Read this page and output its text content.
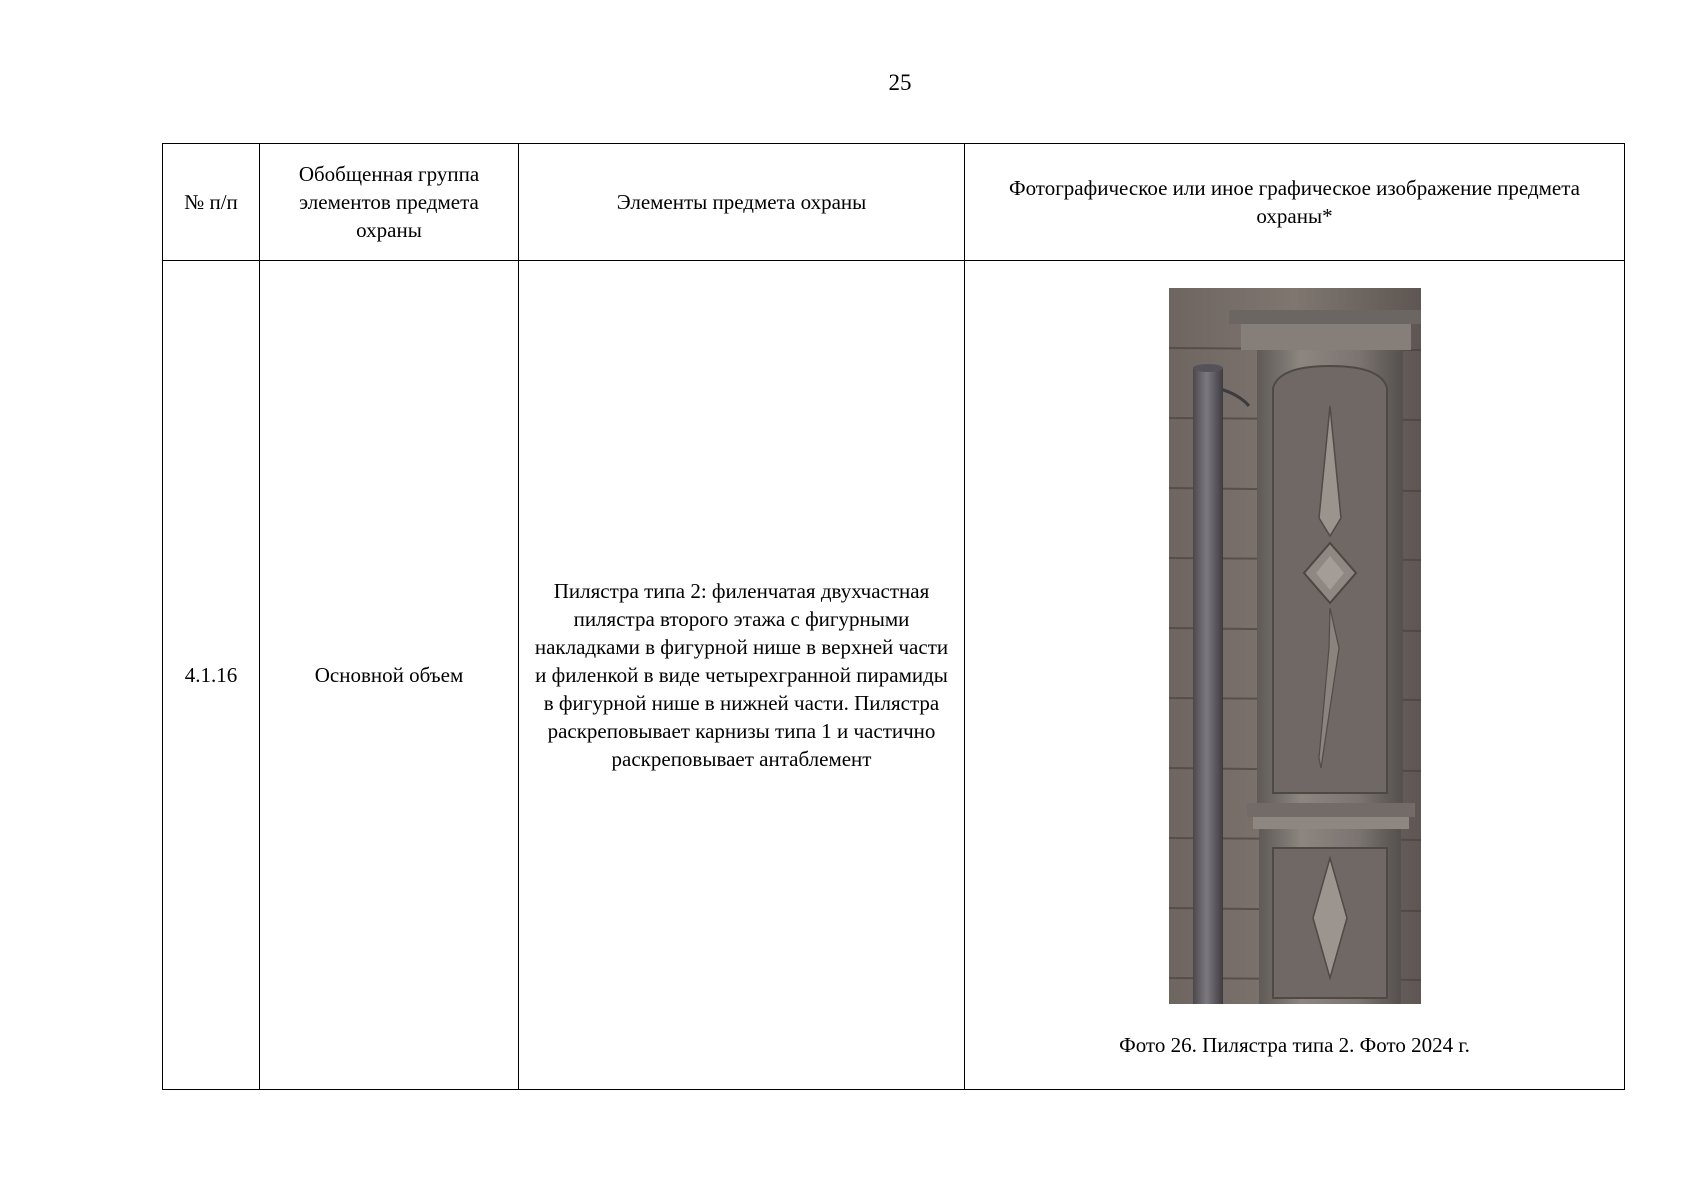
25
№ п/п	Обобщенная группа элементов предмета охраны	Элементы предмета охраны	Фотографическое или иное графическое изображение предмета охраны*
4.1.16	Основной объем	Пилястра типа 2: филенчатая двухчастная пилястра второго этажа с фигурными накладками в фигурной нише в верхней части и филенкой в виде четырехгранной пирамиды в фигурной нише в нижней части. Пилястра раскреповывает карнизы типа 1 и частично раскреповывает антаблемент	Фото 26. Пилястра типа 2. Фото 2024 г.
